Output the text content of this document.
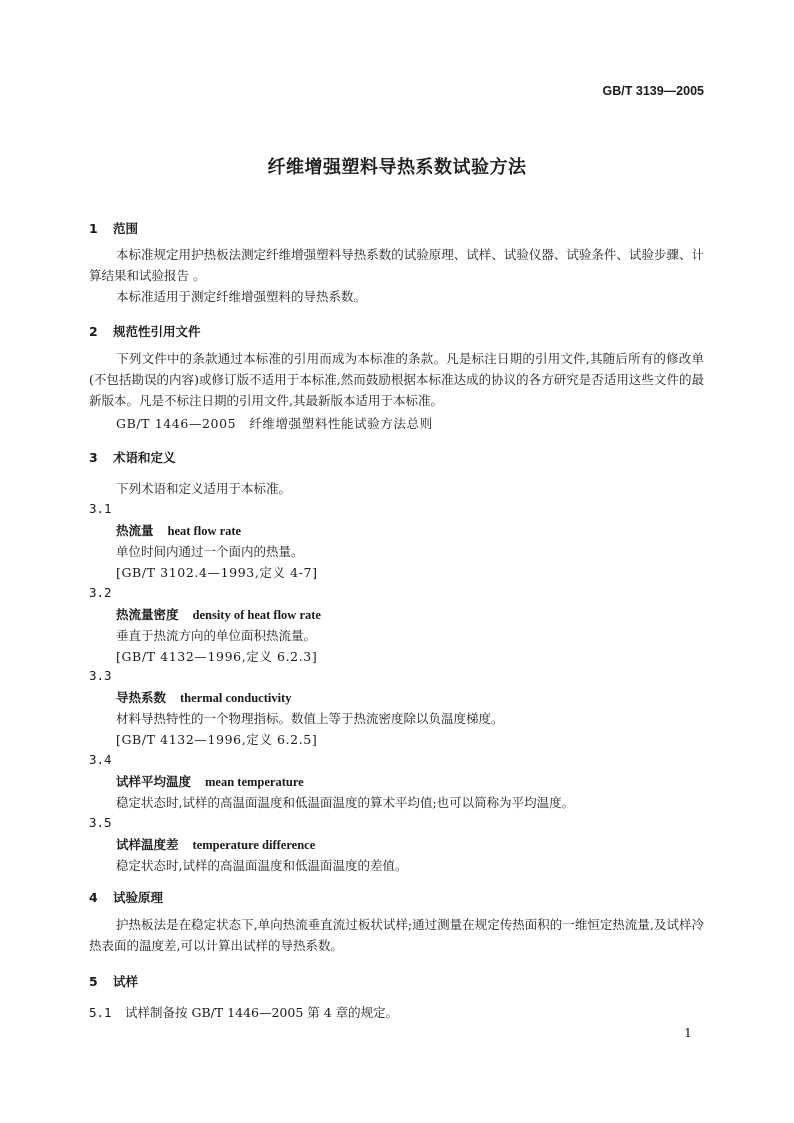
GB/T 3139—2005
纤维增强塑料导热系数试验方法
1 范围
本标准规定用护热板法测定纤维增强塑料导热系数的试验原理、试样、试验仪器、试验条件、试验步骤、计算结果和试验报告 。
本标准适用于测定纤维增强塑料的导热系数。
2 规范性引用文件
下列文件中的条款通过本标准的引用而成为本标准的条款。凡是标注日期的引用文件,其随后所有的修改单(不包括勘误的内容)或修订版不适用于本标准,然而鼓励根据本标准达成的协议的各方研究是否适用这些文件的最新版本。凡是不标注日期的引用文件,其最新版本适用于本标准。
GB/T 1446—2005　纤维增强塑料性能试验方法总则
3 术语和定义
下列术语和定义适用于本标准。
3.1
热流量 heat flow rate
单位时间内通过一个面内的热量。
[GB/T 3102.4—1993,定义 4-7]
3.2
热流量密度 density of heat flow rate
垂直于热流方向的单位面积热流量。
[GB/T 4132—1996,定义 6.2.3]
3.3
导热系数 thermal conductivity
材料导热特性的一个物理指标。数值上等于热流密度除以负温度梯度。
[GB/T 4132—1996,定义 6.2.5]
3.4
试样平均温度 mean temperature
稳定状态时,试样的高温面温度和低温面温度的算术平均值;也可以简称为平均温度。
3.5
试样温度差 temperature difference
稳定状态时,试样的高温面温度和低温面温度的差值。
4 试验原理
护热板法是在稳定状态下,单向热流垂直流过板状试样;通过测量在规定传热面积的一维恒定热流量,及试样冷热表面的温度差,可以计算出试样的导热系数。
5 试样
5.1 试样制备按 GB/T 1446—2005 第 4 章的规定。
1
